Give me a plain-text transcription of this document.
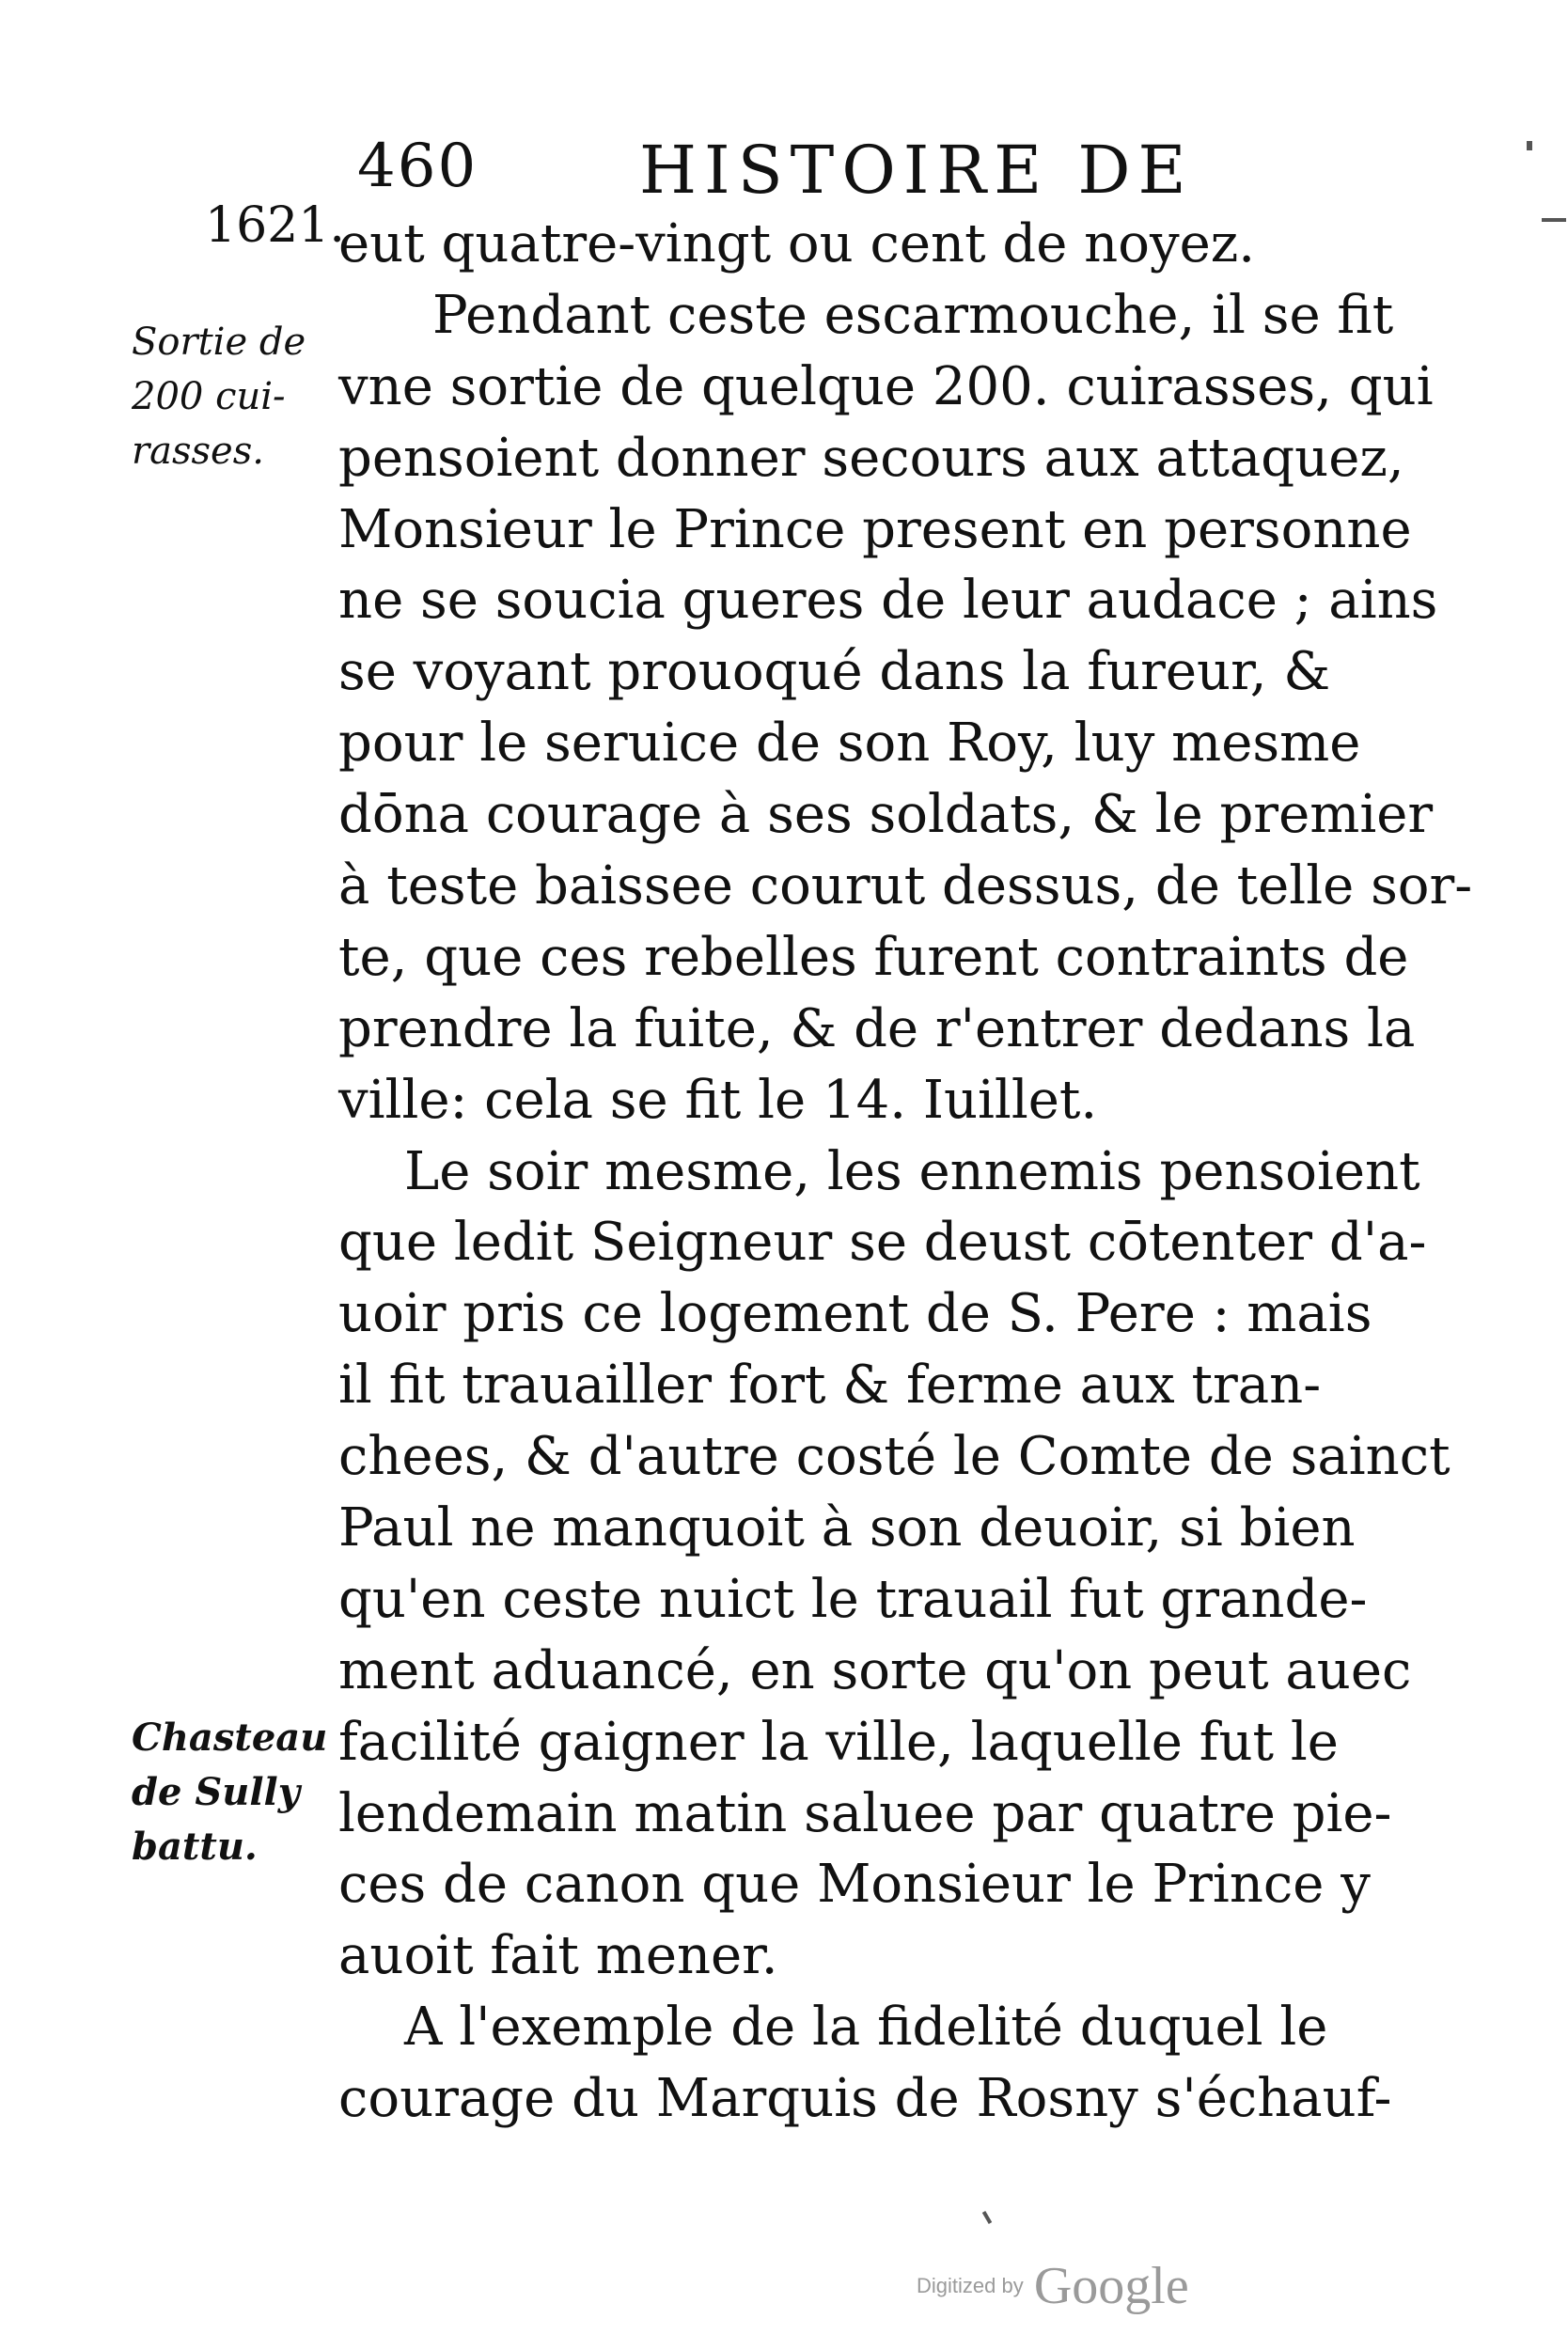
460 HISTOIRE DE
1621.
Sortie de
200 cui-
rasses.
Chasteau
de Sully
battu.
eut quatre-vingt ou cent de noyez.
Pendant ceste escarmouche, il se fit
vne sortie de quelque 200. cuirasses, qui
pensoient donner secours aux attaquez,
Monsieur le Prince present en personne
ne se soucia gueres de leur audace ; ains
se voyant prouoqué dans la fureur, &
pour le seruice de son Roy, luy mesme
dōna courage à ses soldats, & le premier
à teste baissee courut dessus, de telle sor-
te, que ces rebelles furent contraints de
prendre la fuite, & de r'entrer dedans la
ville: cela se fit le 14. Iuillet.
Le soir mesme, les ennemis pensoient
que ledit Seigneur se deust cōtenter d'a-
uoir pris ce logement de S. Pere : mais
il fit trauailler fort & ferme aux tran-
chees, & d'autre costé le Comte de sainct
Paul ne manquoit à son deuoir, si bien
qu'en ceste nuict le trauail fut grande-
ment aduancé, en sorte qu'on peut auec
facilité gaigner la ville, laquelle fut le
lendemain matin saluee par quatre pie-
ces de canon que Monsieur le Prince y
auoit fait mener.
A l'exemple de la fidelité duquel le
courage du Marquis de Rosny s'échauf-
Digitized by Google
